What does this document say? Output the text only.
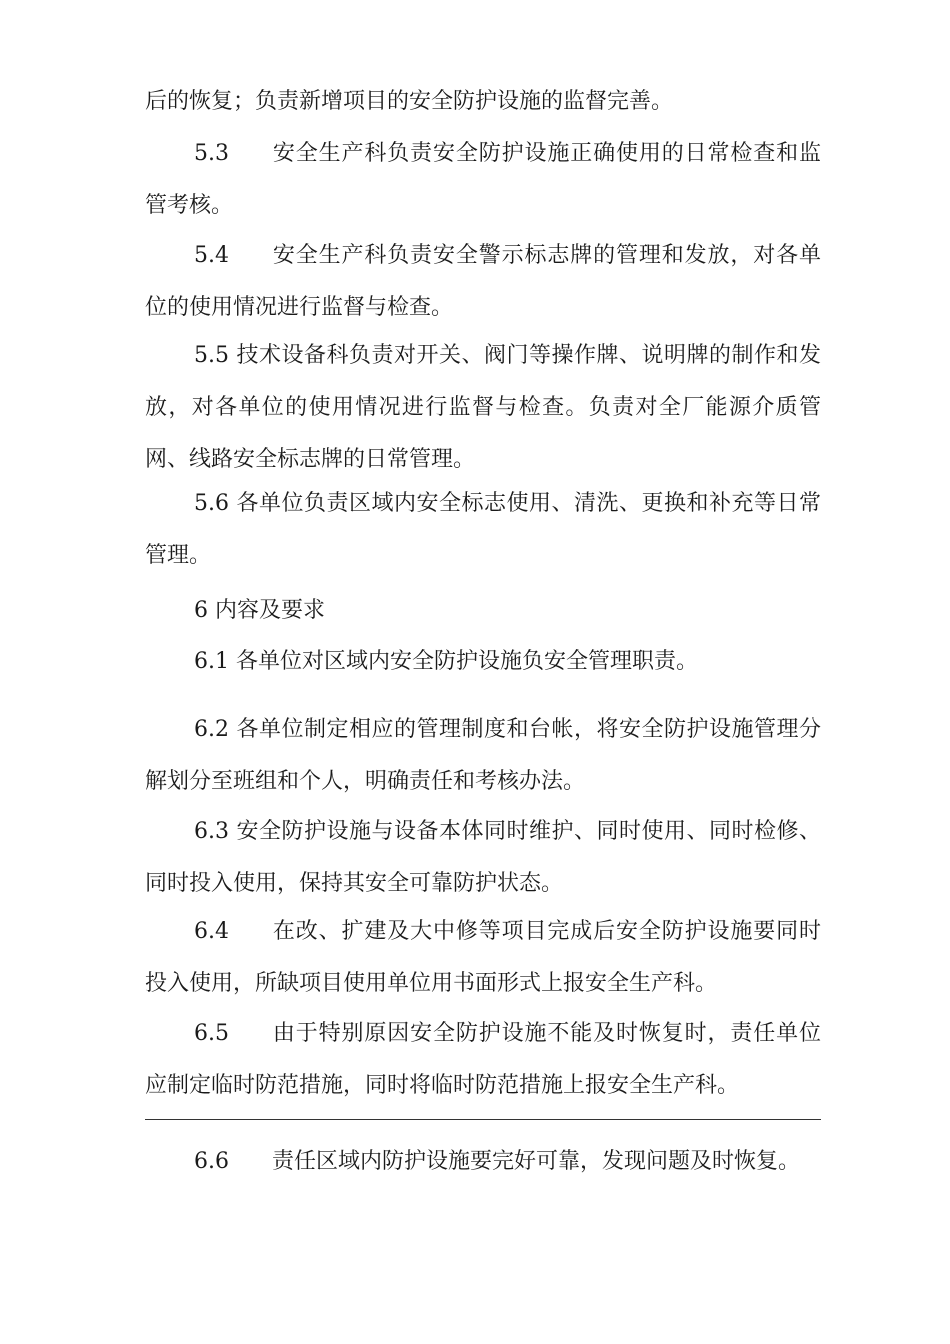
后的恢复；负责新增项目的安全防护设施的监督完善。

5.3 安全生产科负责安全防护设施正确使用的日常检查和监管考核。

5.4 安全生产科负责安全警示标志牌的管理和发放，对各单位的使用情况进行监督与检查。

5.5 技术设备科负责对开关、阀门等操作牌、说明牌的制作和发放，对各单位的使用情况进行监督与检查。负责对全厂能源介质管网、线路安全标志牌的日常管理。

5.6 各单位负责区域内安全标志使用、清洗、更换和补充等日常管理。

6 内容及要求

6.1 各单位对区域内安全防护设施负安全管理职责。

6.2 各单位制定相应的管理制度和台帐，将安全防护设施管理分解划分至班组和个人，明确责任和考核办法。

6.3 安全防护设施与设备本体同时维护、同时使用、同时检修、同时投入使用，保持其安全可靠防护状态。

6.4 在改、扩建及大中修等项目完成后安全防护设施要同时投入使用，所缺项目使用单位用书面形式上报安全生产科。

6.5 由于特别原因安全防护设施不能及时恢复时，责任单位应制定临时防范措施，同时将临时防范措施上报安全生产科。

6.6 责任区域内防护设施要完好可靠，发现问题及时恢复。
